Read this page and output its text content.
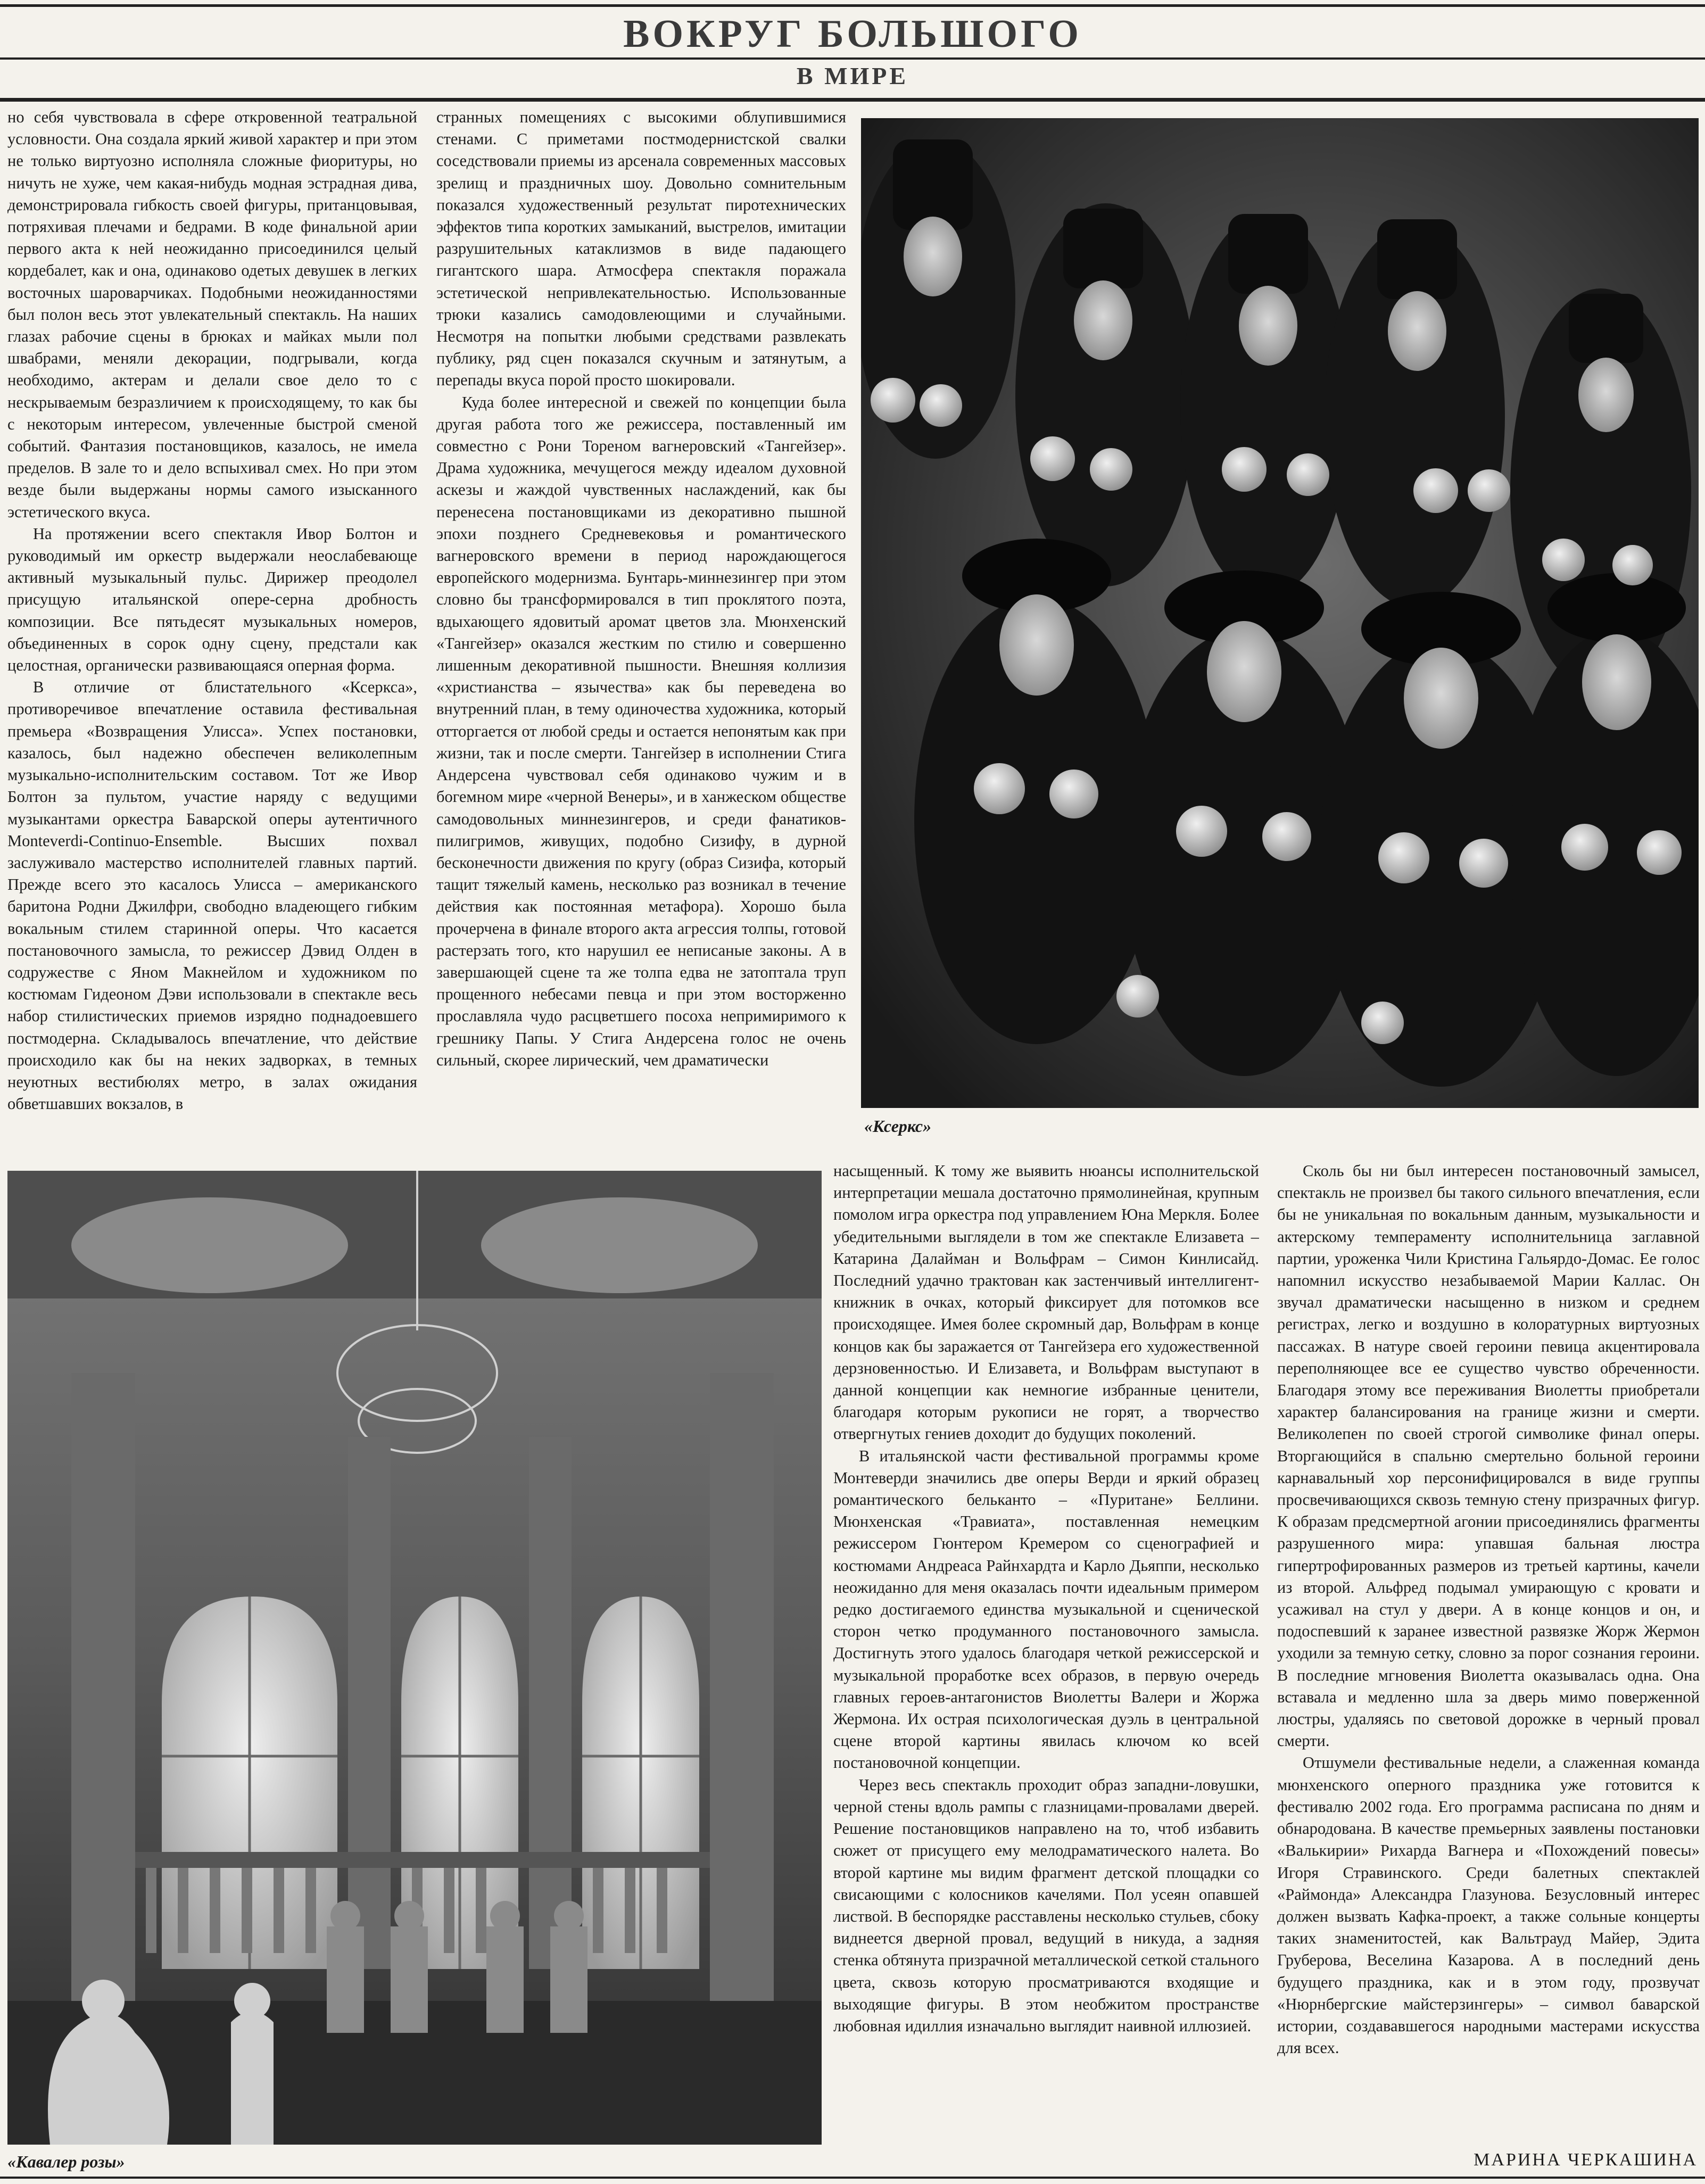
ВОКРУГ БОЛЬШОГО
В МИРЕ

но себя чувствовала в сфере откровенной театральной условности. Она создала яркий живой характер и при этом не только виртуозно исполняла сложные фиоритуры, но ничуть не хуже, чем какая-нибудь модная эстрадная дива, демонстрировала гибкость своей фигуры, пританцовывая, потряхивая плечами и бедрами. В коде финальной арии первого акта к ней неожиданно присоединился целый кордебалет, как и она, одинаково одетых девушек в легких восточных шароварчиках. Подобными неожиданностями был полон весь этот увлекательный спектакль. На наших глазах рабочие сцены в брюках и майках мыли пол швабрами, меняли декорации, подгрывали, когда необходимо, актерам и делали свое дело то с нескрываемым безразличием к происходящему, то как бы с некоторым интересом, увлеченные быстрой сменой событий. Фантазия постановщиков, казалось, не имела пределов. В зале то и дело вспыхивал смех. Но при этом везде были выдержаны нормы самого изысканного эстетического вкуса.

На протяжении всего спектакля Ивор Болтон и руководимый им оркестр выдержали неослабевающе активный музыкальный пульс. Дирижер преодолел присущую итальянской опере-серна дробность композиции. Все пятьдесят музыкальных номеров, объединенных в сорок одну сцену, предстали как целостная, органически развивающаяся оперная форма.

В отличие от блистательного «Ксеркса», противоречивое впечатление оставила фестивальная премьера «Возвращения Улисса». Успех постановки, казалось, был надежно обеспечен великолепным музыкально-исполнительским составом. Тот же Ивор Болтон за пультом, участие наряду с ведущими музыкантами оркестра Баварской оперы аутентичного Monteverdi-Continuo-Ensemble. Высших похвал заслуживало мастерство исполнителей главных партий. Прежде всего это касалось Улисса – американского баритона Родни Джилфри, свободно владеющего гибким вокальным стилем старинной оперы. Что касается постановочного замысла, то режиссер Дэвид Олден в содружестве с Яном Макнейлом и художником по костюмам Гидеоном Дэви использовали в спектакле весь набор стилистических приемов изрядно поднадоевшего постмодерна. Складывалось впечатление, что действие происходило как бы на неких задворках, в темных неуютных вестибюлях метро, в залах ожидания обветшавших вокзалов, в

странных помещениях с высокими облупившимися стенами. С приметами постмодернистской свалки соседствовали приемы из арсенала современных массовых зрелищ и праздничных шоу. Довольно сомнительным показался художественный результат пиротехнических эффектов типа коротких замыканий, выстрелов, имитации разрушительных катаклизмов в виде падающего гигантского шара. Атмосфера спектакля поражала эстетической непривлекательностью. Использованные трюки казались самодовлеющими и случайными. Несмотря на попытки любыми средствами развлекать публику, ряд сцен показался скучным и затянутым, а перепады вкуса порой просто шокировали.

Куда более интересной и свежей по концепции была другая работа того же режиссера, поставленный им совместно с Рони Тореном вагнеровский «Тангейзер». Драма художника, мечущегося между идеалом духовной аскезы и жаждой чувственных наслаждений, как бы перенесена постановщиками из декоративно пышной эпохи позднего Средневековья и романтического вагнеровского времени в период нарождающегося европейского модернизма. Бунтарь-миннезингер при этом словно бы трансформировался в тип проклятого поэта, вдыхающего ядовитый аромат цветов зла. Мюнхенский «Тангейзер» оказался жестким по стилю и совершенно лишенным декоративной пышности. Внешняя коллизия «христианства – язычества» как бы переведена во внутренний план, в тему одиночества художника, который отторгается от любой среды и остается непонятым как при жизни, так и после смерти. Тангейзер в исполнении Стига Андерсена чувствовал себя одинаково чужим и в богемном мире «черной Венеры», и в ханжеском обществе самодовольных миннезингеров, и среди фанатиков-пилигримов, живущих, подобно Сизифу, в дурной бесконечности движения по кругу (образ Сизифа, который тащит тяжелый камень, несколько раз возникал в течение действия как постоянная метафора). Хорошо была прочерчена в финале второго акта агрессия толпы, готовой растерзать того, кто нарушил ее неписаные законы. А в завершающей сцене та же толпа едва не затоптала труп прощенного небесами певца и при этом восторженно прославляла чудо расцветшего посоха непримиримого к грешнику Папы. У Стига Андерсена голос не очень сильный, скорее лирический, чем драматически

«Ксеркс»
«Кавалер розы»

насыщенный. К тому же выявить нюансы исполнительской интерпретации мешала достаточно прямолинейная, крупным помолом игра оркестра под управлением Юна Меркля. Более убедительными выглядели в том же спектакле Елизавета – Катарина Далайман и Вольфрам – Симон Кинлисайд. Последний удачно трактован как застенчивый интеллигент-книжник в очках, который фиксирует для потомков все происходящее. Имея более скромный дар, Вольфрам в конце концов как бы заражается от Тангейзера его художественной дерзновенностью. И Елизавета, и Вольфрам выступают в данной концепции как немногие избранные ценители, благодаря которым рукописи не горят, а творчество отвергнутых гениев доходит до будущих поколений.

В итальянской части фестивальной программы кроме Монтеверди значились две оперы Верди и яркий образец романтического бельканто – «Пуритане» Беллини. Мюнхенская «Травиата», поставленная немецким режиссером Гюнтером Кремером со сценографией и костюмами Андреаса Райнхардта и Карло Дьяппи, несколько неожиданно для меня оказалась почти идеальным примером редко достигаемого единства музыкальной и сценической сторон четко продуманного постановочного замысла. Достигнуть этого удалось благодаря четкой режиссерской и музыкальной проработке всех образов, в первую очередь главных героев-антагонистов Виолетты Валери и Жоржа Жермона. Их острая психологическая дуэль в центральной сцене второй картины явилась ключом ко всей постановочной концепции.

Через весь спектакль проходит образ западни-ловушки, черной стены вдоль рампы с глазницами-провалами дверей. Решение постановщиков направлено на то, чтоб избавить сюжет от присущего ему мелодраматического налета. Во второй картине мы видим фрагмент детской площадки со свисающими с колосников качелями. Пол усеян опавшей листвой. В беспорядке расставлены несколько стульев, сбоку виднеется дверной провал, ведущий в никуда, а задняя стенка обтянута призрачной металлической сеткой стального цвета, сквозь которую просматриваются входящие и выходящие фигуры. В этом необжитом пространстве любовная идиллия изначально выглядит наивной иллюзией.

Сколь бы ни был интересен постановочный замысел, спектакль не произвел бы такого сильного впечатления, если бы не уникальная по вокальным данным, музыкальности и актерскому темпераменту исполнительница заглавной партии, уроженка Чили Кристина Гальярдо-Домас. Ее голос напомнил искусство незабываемой Марии Каллас. Он звучал драматически насыщенно в низком и среднем регистрах, легко и воздушно в колоратурных виртуозных пассажах. В натуре своей героини певица акцентировала переполняющее все ее существо чувство обреченности. Благодаря этому все переживания Виолетты приобретали характер балансирования на границе жизни и смерти. Великолепен по своей строгой символике финал оперы. Вторгающийся в спальню смертельно больной героини карнавальный хор персонифицировался в виде группы просвечивающихся сквозь темную стену призрачных фигур. К образам предсмертной агонии присоединялись фрагменты разрушенного мира: упавшая бальная люстра гипертрофированных размеров из третьей картины, качели из второй. Альфред подымал умирающую с кровати и усаживал на стул у двери. А в конце концов и он, и подоспевший к заранее известной развязке Жорж Жермон уходили за темную сетку, словно за порог сознания героини. В последние мгновения Виолетта оказывалась одна. Она вставала и медленно шла за дверь мимо поверженной люстры, удаляясь по световой дорожке в черный провал смерти.

Отшумели фестивальные недели, а слаженная команда мюнхенского оперного праздника уже готовится к фестивалю 2002 года. Его программа расписана по дням и обнародована. В качестве премьерных заявлены постановки «Валькирии» Рихарда Вагнера и «Похождений повесы» Игоря Стравинского. Среди балетных спектаклей «Раймонда» Александра Глазунова. Безусловный интерес должен вызвать Кафка-проект, а также сольные концерты таких знаменитостей, как Вальтрауд Майер, Эдита Груберова, Веселина Казарова. А в последний день будущего праздника, как и в этом году, прозвучат «Нюрнбергские майстерзингеры» – символ баварской истории, создававшегося народными мастерами искусства для всех.

МАРИНА ЧЕРКАШИНА
